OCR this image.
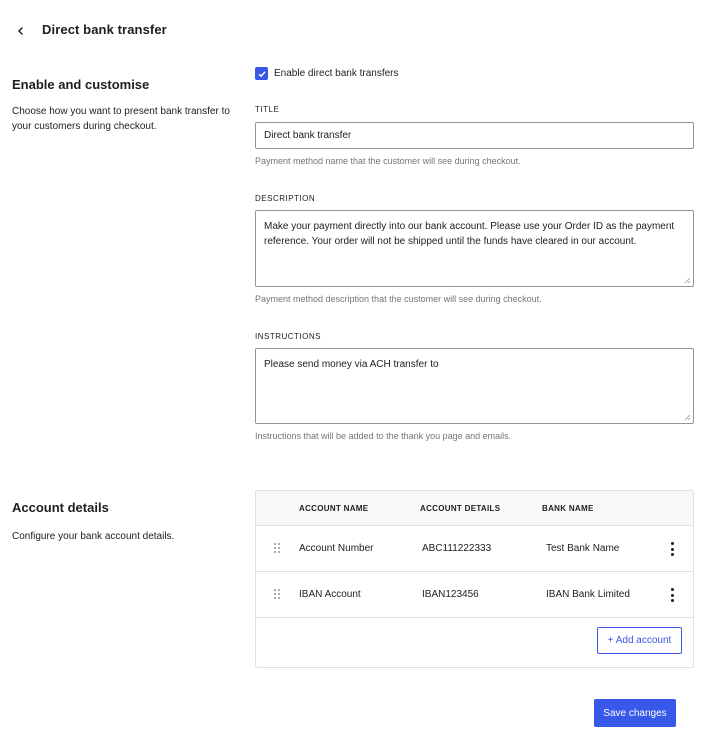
Direct bank transfer
Enable and customise
Choose how you want to present bank transfer to your customers during checkout.
Enable direct bank transfers
TITLE
Direct bank transfer
Payment method name that the customer will see during checkout.
DESCRIPTION
Make your payment directly into our bank account. Please use your Order ID as the payment reference. Your order will not be shipped until the funds have cleared in our account.
Payment method description that the customer will see during checkout.
INSTRUCTIONS
Please send money via ACH transfer to
Instructions that will be added to the thank you page and emails.
Account details
Configure your bank account details.
ACCOUNT NAME	ACCOUNT DETAILS	BANK NAME
Account Number	ABC111222333	Test Bank Name
IBAN Account	IBAN123456	IBAN Bank Limited
+ Add account
Save changes
